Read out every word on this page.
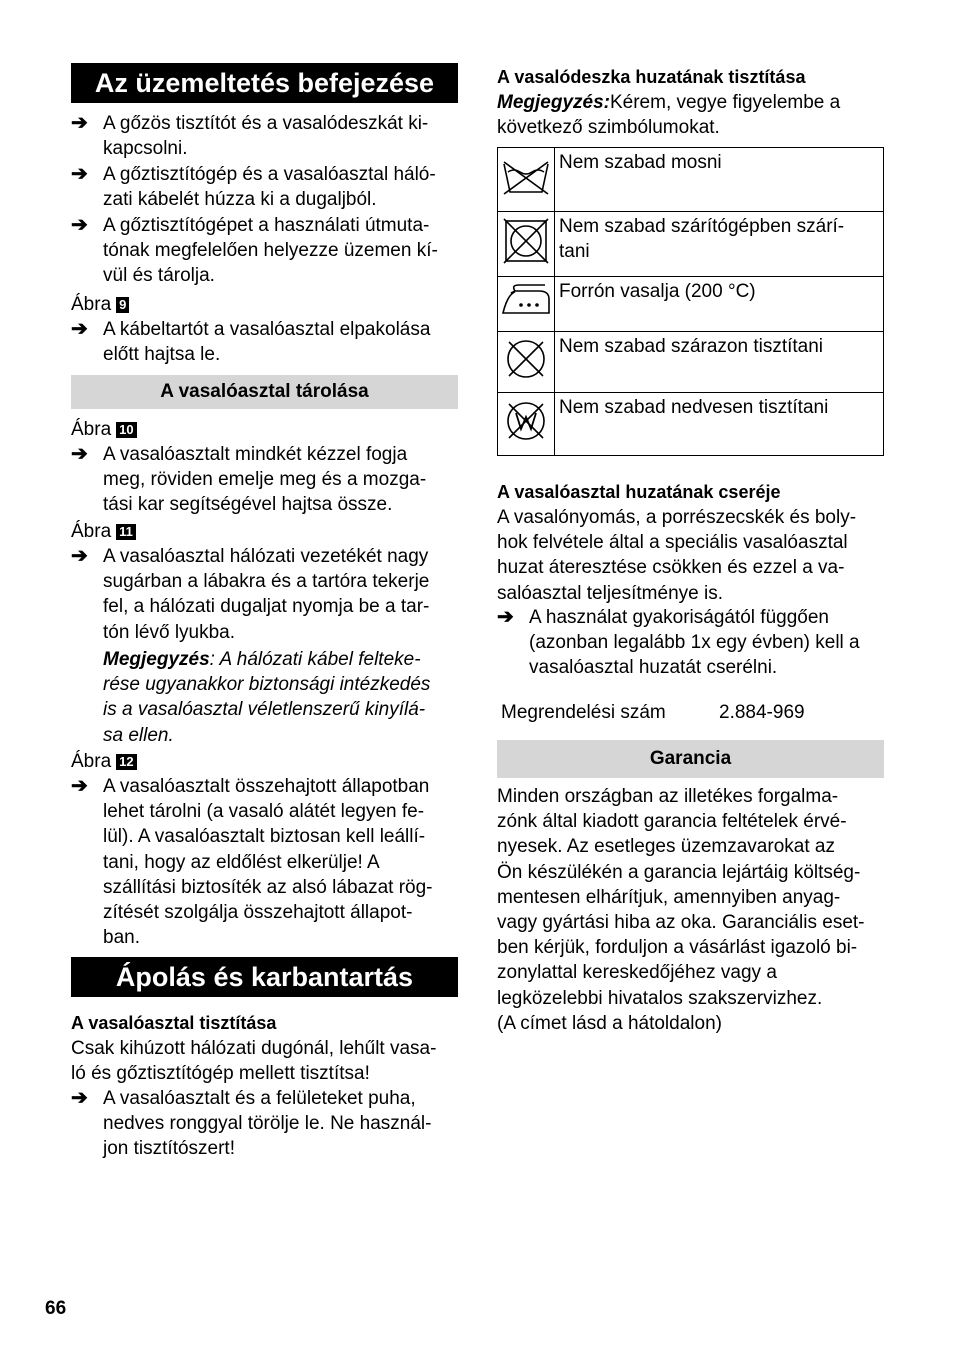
Az üzemeltetés befejezése
➔ A gőzös tisztítót és a vasalódeszkát ki-
kapcsolni.
➔ A gőztisztítógép és a vasalóasztal háló-
zati kábelét húzza ki a dugaljból.
➔ A gőztisztítógépet a használati útmuta-
tónak megfelelően helyezze üzemen kí-
vül és tárolja.
Ábra 9
➔ A kábeltartót a vasalóasztal elpakolása
előtt hajtsa le.
A vasalóasztal tárolása
Ábra 10
➔ A vasalóasztalt mindkét kézzel fogja
meg, röviden emelje meg és a mozga-
tási kar segítségével hajtsa össze.
Ábra 11
➔ A vasalóasztal hálózati vezetékét nagy
sugárban a lábakra és a tartóra tekerje
fel, a hálózati dugaljat nyomja be a tar-
tón lévő lyukba.
Megjegyzés: A hálózati kábel felteke-
rése ugyanakkor biztonsági intézkedés
is a vasalóasztal véletlenszerű kinyílá-
sa ellen.
Ábra 12
➔ A vasalóasztalt összehajtott állapotban
lehet tárolni (a vasaló alátét legyen fe-
lül). A vasalóasztalt biztosan kell leállí-
tani, hogy az eldőlést elkerülje! A
szállítási biztosíték az alsó lábazat rög-
zítését szolgálja összehajtott állapot-
ban.
Ápolás és karbantartás
A vasalóasztal tisztítása
Csak kihúzott hálózati dugónál, lehűlt vasa-
ló és gőztisztítógép mellett tisztítsa!
➔ A vasalóasztalt és a felületeket puha,
nedves ronggyal törölje le. Ne használ-
jon tisztítószert!
A vasalódeszka huzatának tisztítása
Megjegyzés:Kérem, vegye figyelembe a
következő szimbólumokat.
	Nem szabad mosni
	Nem szabad szárítógépben szárí-
tani
	Forrón vasalja (200 °C)
	Nem szabad szárazon tisztítani
	Nem szabad nedvesen tisztítani
A vasalóasztal huzatának cseréje
A vasalónyomás, a porrészecskék és boly-
hok felvétele által a speciális vasalóasztal
huzat áteresztése csökken és ezzel a va-
salóasztal teljesítménye is.
➔ A használat gyakoriságától függően
(azonban legalább 1x egy évben) kell a
vasalóasztal huzatát cserélni.
Megrendelési szám	2.884-969
Garancia
Minden országban az illetékes forgalma-
zónk által kiadott garancia feltételek érvé-
nyesek. Az esetleges üzemzavarokat az
Ön készülékén a garancia lejártáig költség-
mentesen elhárítjuk, amennyiben anyag-
vagy gyártási hiba az oka. Garanciális eset-
ben kérjük, forduljon a vásárlást igazoló bi-
zonylattal kereskedőjéhez vagy a
legközelebbi hivatalos szakszervizhez.
(A címet lásd a hátoldalon)
66
